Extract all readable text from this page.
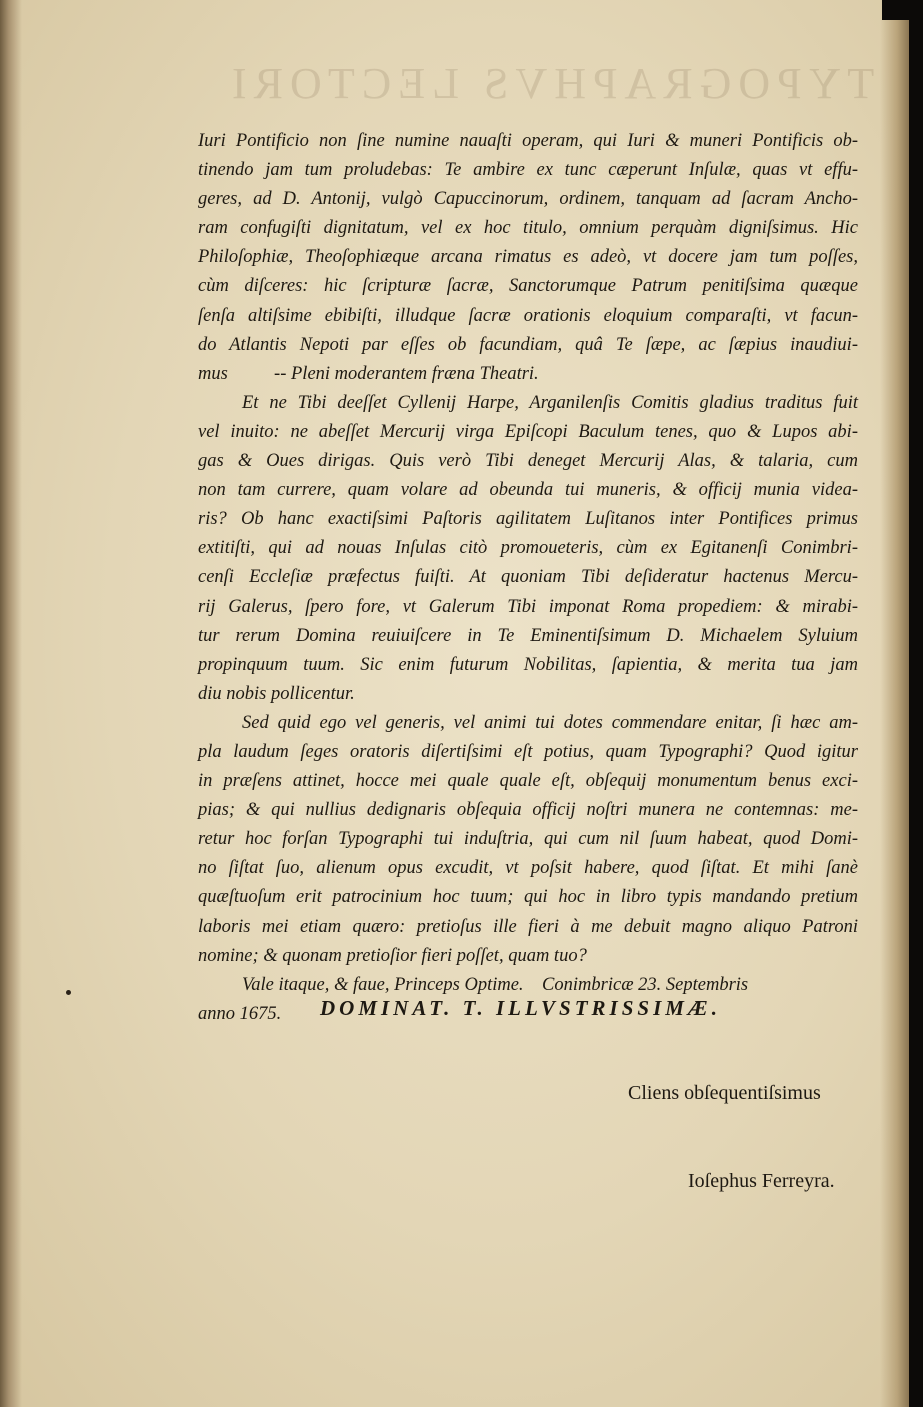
TYPOGRAPHVS LECTORI
Iuri Pontificio non ſine numine nauaſti operam, qui Iuri & muneri Pontificis ob-
tinendo jam tum proludebas: Te ambire ex tunc cæperunt Inſulæ, quas vt effu-
geres, ad D. Antonij, vulgò Capuccinorum, ordinem, tanquam ad ſacram Ancho-
ram confugiſti dignitatum, vel ex hoc titulo, omnium perquàm digniſsimus. Hic
Philoſophiæ, Theoſophiæque arcana rimatus es adeò, vt docere jam tum poſſes,
cùm diſceres: hic ſcripturæ ſacræ, Sanctorumque Patrum penitiſsima quæque
ſenſa altiſsime ebibiſti, illudque ſacræ orationis eloquium comparaſti, vt facun-
do Atlantis Nepoti par eſſes ob facundiam, quâ Te ſæpe, ac ſæpius inaudiui-
mus          -- Pleni moderantem fræna Theatri.
Et ne Tibi deeſſet Cyllenij Harpe, Arganilenſis Comitis gladius traditus fuit
vel inuito: ne abeſſet Mercurij virga Epiſcopi Baculum tenes, quo & Lupos abi-
gas & Oues dirigas. Quis verò Tibi deneget Mercurij Alas, & talaria, cum
non tam currere, quam volare ad obeunda tui muneris, & officij munia videa-
ris? Ob hanc exactiſsimi Paſtoris agilitatem Luſitanos inter Pontifices primus
extitiſti, qui ad nouas Inſulas citò promoueteris, cùm ex Egitanenſi Conimbri-
cenſi Eccleſiæ præfectus fuiſti. At quoniam Tibi deſideratur hactenus Mercu-
rij Galerus, ſpero fore, vt Galerum Tibi imponat Roma propediem: & mirabi-
tur rerum Domina reuiuiſcere in Te Eminentiſsimum D. Michaelem Syluium
propinquum tuum. Sic enim futurum Nobilitas, ſapientia, & merita tua jam
diu nobis pollicentur.
Sed quid ego vel generis, vel animi tui dotes commendare enitar, ſi hæc am-
pla laudum ſeges oratoris diſertiſsimi eſt potius, quam Typographi? Quod igitur
in præſens attinet, hocce mei quale quale eſt, obſequij monumentum benus exci-
pias; & qui nullius dedignaris obſequia officij noſtri munera ne contemnas: me-
retur hoc forſan Typographi tui induſtria, qui cum nil ſuum habeat, quod Domi-
no ſiſtat ſuo, alienum opus excudit, vt poſsit habere, quod ſiſtat. Et mihi ſanè
quæſtuoſum erit patrocinium hoc tuum; qui hoc in libro typis mandando pretium
laboris mei etiam quæro: pretioſus ille fieri à me debuit magno aliquo Patroni
nomine; & quonam pretioſior fieri poſſet, quam tuo?
Vale itaque, & faue, Princeps Optime.    Conimbricæ 23. Septembris
anno 1675.	DOMINAT. T. ILLVSTRISSIMÆ.
Cliens obſequentiſsimus
Ioſephus Ferreyra.
